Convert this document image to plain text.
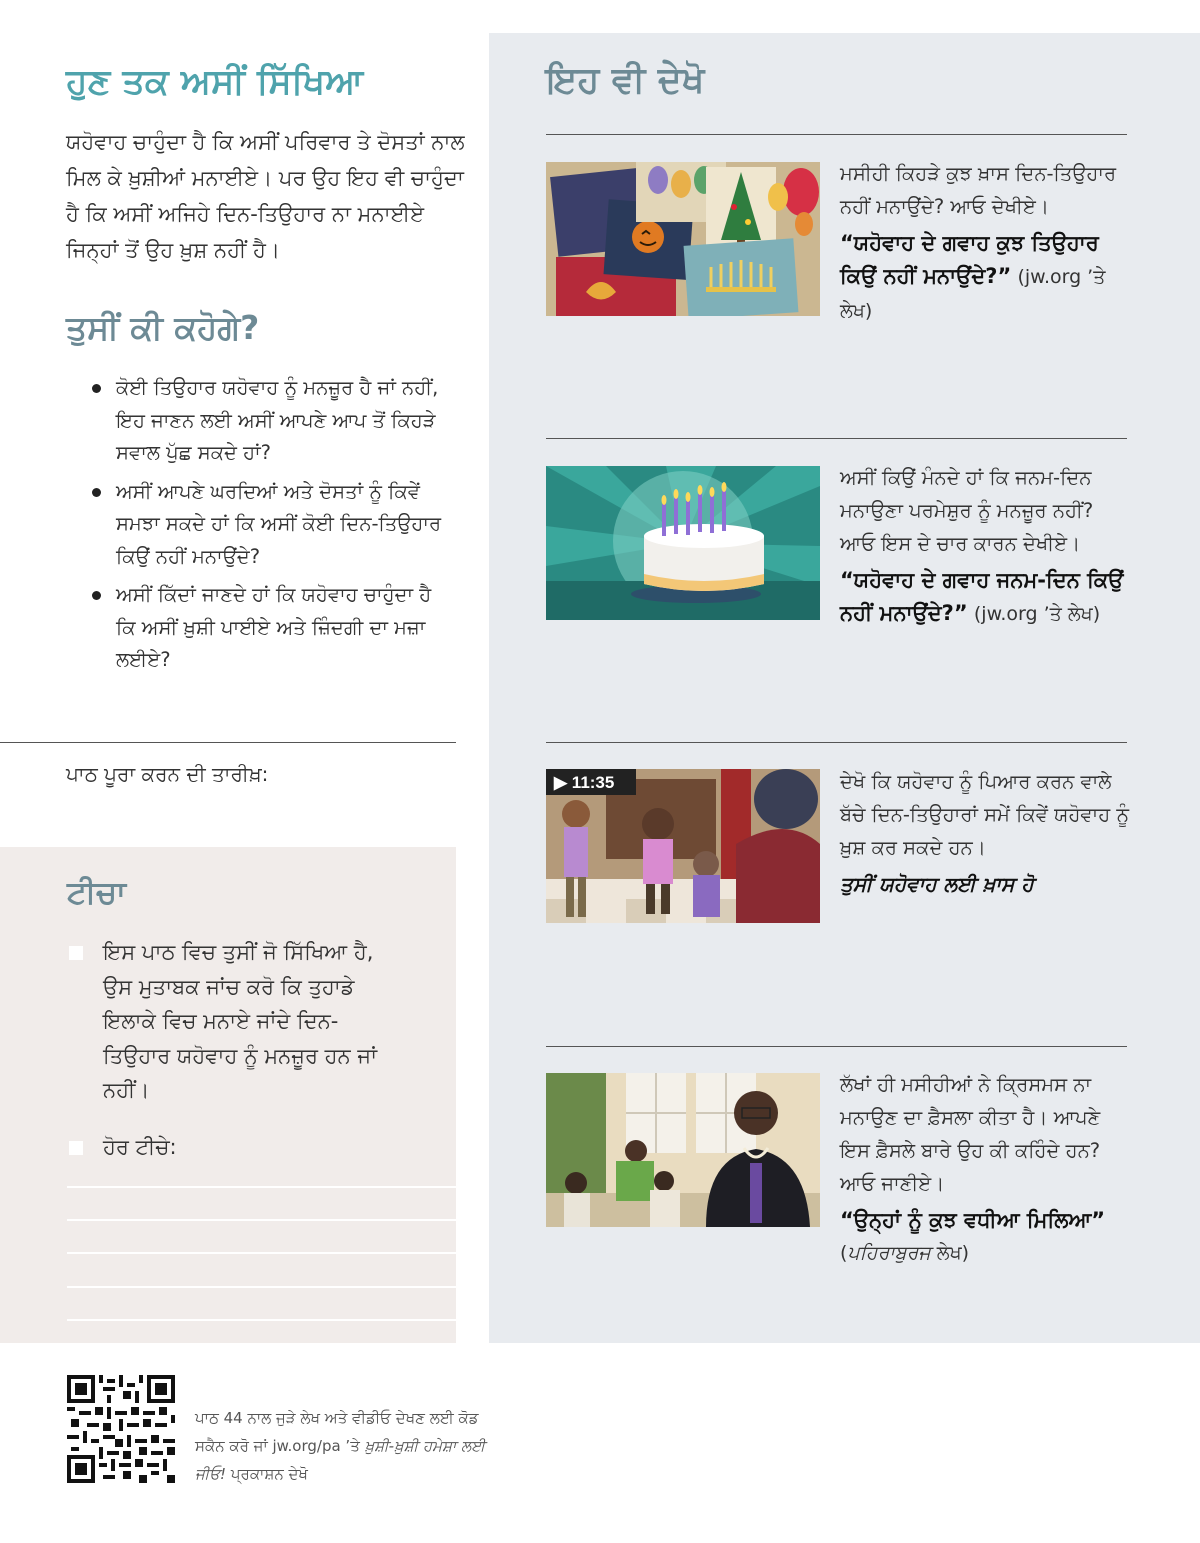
ਹੁਣ ਤਕ ਅਸੀਂ ਸਿੱਖਿਆ

ਯਹੋਵਾਹ ਚਾਹੁੰਦਾ ਹੈ ਕਿ ਅਸੀਂ ਪਰਿਵਾਰ ਤੇ ਦੋਸਤਾਂ ਨਾਲ ਮਿਲ ਕੇ ਖ਼ੁਸ਼ੀਆਂ ਮਨਾਈਏ। ਪਰ ਉਹ ਇਹ ਵੀ ਚਾਹੁੰਦਾ ਹੈ ਕਿ ਅਸੀਂ ਅਜਿਹੇ ਦਿਨ-ਤਿਉਹਾਰ ਨਾ ਮਨਾਈਏ ਜਿਨ੍ਹਾਂ ਤੋਂ ਉਹ ਖ਼ੁਸ਼ ਨਹੀਂ ਹੈ।

ਤੁਸੀਂ ਕੀ ਕਹੋਗੇ?
ਕੋਈ ਤਿਉਹਾਰ ਯਹੋਵਾਹ ਨੂੰ ਮਨਜ਼ੂਰ ਹੈ ਜਾਂ ਨਹੀਂ, ਇਹ ਜਾਣਨ ਲਈ ਅਸੀਂ ਆਪਣੇ ਆਪ ਤੋਂ ਕਿਹੜੇ ਸਵਾਲ ਪੁੱਛ ਸਕਦੇ ਹਾਂ?
ਅਸੀਂ ਆਪਣੇ ਘਰਦਿਆਂ ਅਤੇ ਦੋਸਤਾਂ ਨੂੰ ਕਿਵੇਂ ਸਮਝਾ ਸਕਦੇ ਹਾਂ ਕਿ ਅਸੀਂ ਕੋਈ ਦਿਨ-ਤਿਉਹਾਰ ਕਿਉਂ ਨਹੀਂ ਮਨਾਉਂਦੇ?
ਅਸੀਂ ਕਿੱਦਾਂ ਜਾਣਦੇ ਹਾਂ ਕਿ ਯਹੋਵਾਹ ਚਾਹੁੰਦਾ ਹੈ ਕਿ ਅਸੀਂ ਖ਼ੁਸ਼ੀ ਪਾਈਏ ਅਤੇ ਜ਼ਿੰਦਗੀ ਦਾ ਮਜ਼ਾ ਲਈਏ?
ਪਾਠ ਪੂਰਾ ਕਰਨ ਦੀ ਤਾਰੀਖ਼:
ਟੀਚਾ

ਇਸ ਪਾਠ ਵਿਚ ਤੁਸੀਂ ਜੋ ਸਿੱਖਿਆ ਹੈ, ਉਸ ਮੁਤਾਬਕ ਜਾਂਚ ਕਰੋ ਕਿ ਤੁਹਾਡੇ ਇਲਾਕੇ ਵਿਚ ਮਨਾਏ ਜਾਂਦੇ ਦਿਨ-ਤਿਉਹਾਰ ਯਹੋਵਾਹ ਨੂੰ ਮਨਜ਼ੂਰ ਹਨ ਜਾਂ ਨਹੀਂ।

ਹੋਰ ਟੀਚੇ:

ਇਹ ਵੀ ਦੇਖੋ
ਮਸੀਹੀ ਕਿਹੜੇ ਕੁਝ ਖ਼ਾਸ ਦਿਨ-ਤਿਉਹਾਰ ਨਹੀਂ ਮਨਾਉਂਦੇ? ਆਓ ਦੇਖੀਏ।
“ਯਹੋਵਾਹ ਦੇ ਗਵਾਹ ਕੁਝ ਤਿਉਹਾਰ ਕਿਉਂ ਨਹੀਂ ਮਨਾਉਂਦੇ?” (jw.org ’ਤੇ ਲੇਖ)
ਅਸੀਂ ਕਿਉਂ ਮੰਨਦੇ ਹਾਂ ਕਿ ਜਨਮ-ਦਿਨ ਮਨਾਉਣਾ ਪਰਮੇਸ਼ੁਰ ਨੂੰ ਮਨਜ਼ੂਰ ਨਹੀਂ? ਆਓ ਇਸ ਦੇ ਚਾਰ ਕਾਰਨ ਦੇਖੀਏ।
“ਯਹੋਵਾਹ ਦੇ ਗਵਾਹ ਜਨਮ-ਦਿਨ ਕਿਉਂ ਨਹੀਂ ਮਨਾਉਂਦੇ?” (jw.org ’ਤੇ ਲੇਖ)
▶ 11:35	ਦੇਖੋ ਕਿ ਯਹੋਵਾਹ ਨੂੰ ਪਿਆਰ ਕਰਨ ਵਾਲੇ ਬੱਚੇ ਦਿਨ-ਤਿਉਹਾਰਾਂ ਸਮੇਂ ਕਿਵੇਂ ਯਹੋਵਾਹ ਨੂੰ ਖ਼ੁਸ਼ ਕਰ ਸਕਦੇ ਹਨ।
ਤੁਸੀਂ ਯਹੋਵਾਹ ਲਈ ਖ਼ਾਸ ਹੋ
ਲੱਖਾਂ ਹੀ ਮਸੀਹੀਆਂ ਨੇ ਕ੍ਰਿਸਮਸ ਨਾ ਮਨਾਉਣ ਦਾ ਫ਼ੈਸਲਾ ਕੀਤਾ ਹੈ। ਆਪਣੇ ਇਸ ਫ਼ੈਸਲੇ ਬਾਰੇ ਉਹ ਕੀ ਕਹਿੰਦੇ ਹਨ? ਆਓ ਜਾਣੀਏ।
“ਉਨ੍ਹਾਂ ਨੂੰ ਕੁਝ ਵਧੀਆ ਮਿਲਿਆ”
(ਪਹਿਰਾਬੁਰਜ ਲੇਖ)
ਪਾਠ 44 ਨਾਲ ਜੁੜੇ ਲੇਖ ਅਤੇ ਵੀਡੀਓ ਦੇਖਣ ਲਈ ਕੋਡ ਸਕੈਨ ਕਰੋ ਜਾਂ jw.org/pa ’ਤੇ ਖ਼ੁਸ਼ੀ-ਖ਼ੁਸ਼ੀ ਹਮੇਸ਼ਾ ਲਈ ਜੀਓ! ਪ੍ਰਕਾਸ਼ਨ ਦੇਖੋ
